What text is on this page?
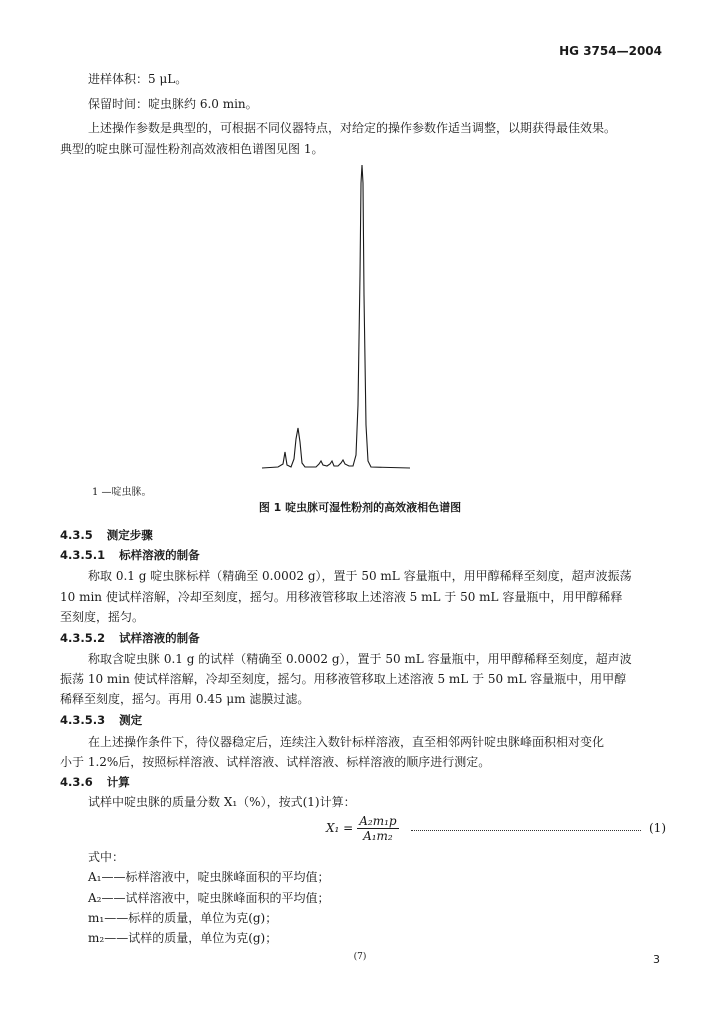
HG 3754—2004
进样体积：5 μL。
保留时间：啶虫脒约 6.0 min。
上述操作参数是典型的，可根据不同仪器特点，对给定的操作参数作适当调整，以期获得最佳效果。
典型的啶虫脒可湿性粉剂高效液相色谱图见图 1。
1 —啶虫脒。
图 1 啶虫脒可湿性粉剂的高效液相色谱图
4.3.5 测定步骤
4.3.5.1 标样溶液的制备
称取 0.1 g 啶虫脒标样（精确至 0.0002 g），置于 50 mL 容量瓶中，用甲醇稀释至刻度，超声波振荡
10 min 使试样溶解，冷却至刻度，摇匀。用移液管移取上述溶液 5 mL 于 50 mL 容量瓶中，用甲醇稀释
至刻度，摇匀。
4.3.5.2 试样溶液的制备
称取含啶虫脒 0.1 g 的试样（精确至 0.0002 g），置于 50 mL 容量瓶中，用甲醇稀释至刻度，超声波
振荡 10 min 使试样溶解，冷却至刻度，摇匀。用移液管移取上述溶液 5 mL 于 50 mL 容量瓶中，用甲醇
稀释至刻度，摇匀。再用 0.45 μm 滤膜过滤。
4.3.5.3 测定
在上述操作条件下，待仪器稳定后，连续注入数针标样溶液，直至相邻两针啶虫脒峰面积相对变化
小于 1.2%后，按照标样溶液、试样溶液、试样溶液、标样溶液的顺序进行测定。
4.3.6 计算
试样中啶虫脒的质量分数 X₁（%），按式(1)计算：
$X_1 = \frac{\text{A₂m₁p}}{\text{A₁m₂}}$	(1)
式中：
A₁——标样溶液中，啶虫脒峰面积的平均值；
A₂——试样溶液中，啶虫脒峰面积的平均值；
m₁——标样的质量，单位为克(g)；
m₂——试样的质量，单位为克(g)；
(7)	3
